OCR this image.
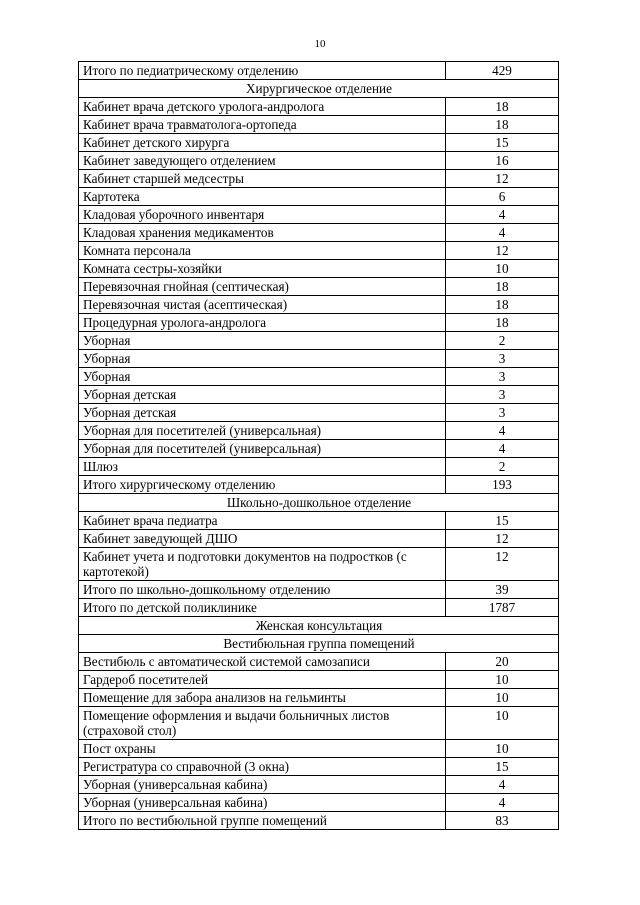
10
Итого по педиатрическому отделению	429
Хирургическое отделение	
Кабинет врача детского уролога-андролога	18
Кабинет врача травматолога-ортопеда	18
Кабинет детского хирурга	15
Кабинет заведующего отделением	16
Кабинет старшей медсестры	12
Картотека	6
Кладовая уборочного инвентаря	4
Кладовая хранения медикаментов	4
Комната персонала	12
Комната сестры-хозяйки	10
Перевязочная гнойная (септическая)	18
Перевязочная чистая (асептическая)	18
Процедурная уролога-андролога	18
Уборная	2
Уборная	3
Уборная	3
Уборная детская	3
Уборная детская	3
Уборная для посетителей (универсальная)	4
Уборная для посетителей (универсальная)	4
Шлюз	2
Итого хирургическому отделению	193
Школьно-дошкольное отделение	
Кабинет врача педиатра	15
Кабинет заведующей ДШО	12
Кабинет учета и подготовки документов на подростков (с картотекой)	12
Итого по школьно-дошкольному отделению	39
Итого по детской поликлинике	1787
Женская консультация	
Вестибюльная группа помещений	
Вестибюль с автоматической системой самозаписи	20
Гардероб посетителей	10
Помещение для забора анализов на гельминты	10
Помещение оформления и выдачи больничных листов (страховой стол)	10
Пост охраны	10
Регистратура со справочной (3 окна)	15
Уборная (универсальная кабина)	4
Уборная (универсальная кабина)	4
Итого по вестибюльной группе помещений	83
